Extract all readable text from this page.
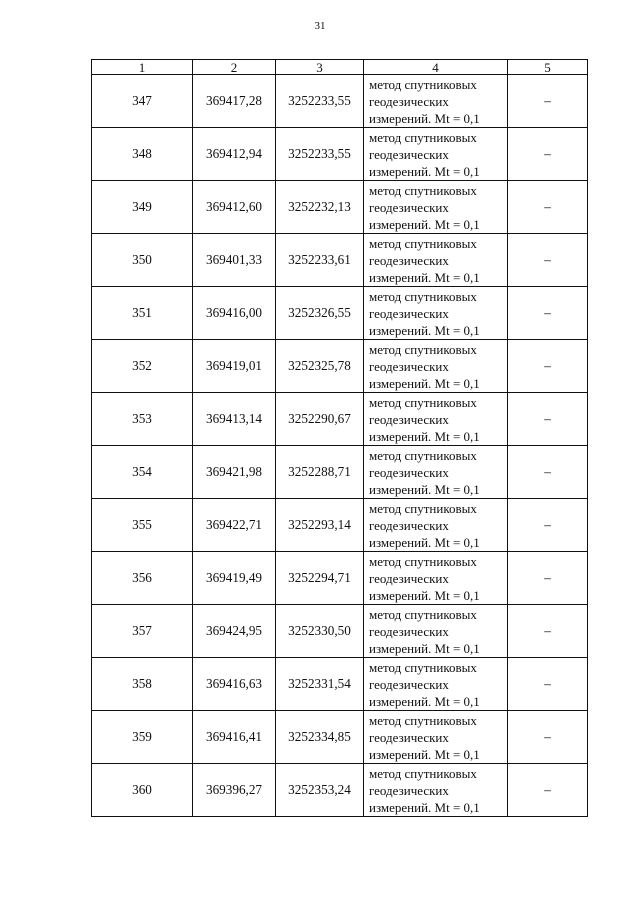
31
1	2	3	4	5
347	369417,28	3252233,55	метод спутниковых
геодезических
измерений. Mt = 0,1	–
348	369412,94	3252233,55	метод спутниковых
геодезических
измерений. Mt = 0,1	–
349	369412,60	3252232,13	метод спутниковых
геодезических
измерений. Mt = 0,1	–
350	369401,33	3252233,61	метод спутниковых
геодезических
измерений. Mt = 0,1	–
351	369416,00	3252326,55	метод спутниковых
геодезических
измерений. Mt = 0,1	–
352	369419,01	3252325,78	метод спутниковых
геодезических
измерений. Mt = 0,1	–
353	369413,14	3252290,67	метод спутниковых
геодезических
измерений. Mt = 0,1	–
354	369421,98	3252288,71	метод спутниковых
геодезических
измерений. Mt = 0,1	–
355	369422,71	3252293,14	метод спутниковых
геодезических
измерений. Mt = 0,1	–
356	369419,49	3252294,71	метод спутниковых
геодезических
измерений. Mt = 0,1	–
357	369424,95	3252330,50	метод спутниковых
геодезических
измерений. Mt = 0,1	–
358	369416,63	3252331,54	метод спутниковых
геодезических
измерений. Mt = 0,1	–
359	369416,41	3252334,85	метод спутниковых
геодезических
измерений. Mt = 0,1	–
360	369396,27	3252353,24	метод спутниковых
геодезических
измерений. Mt = 0,1	–
